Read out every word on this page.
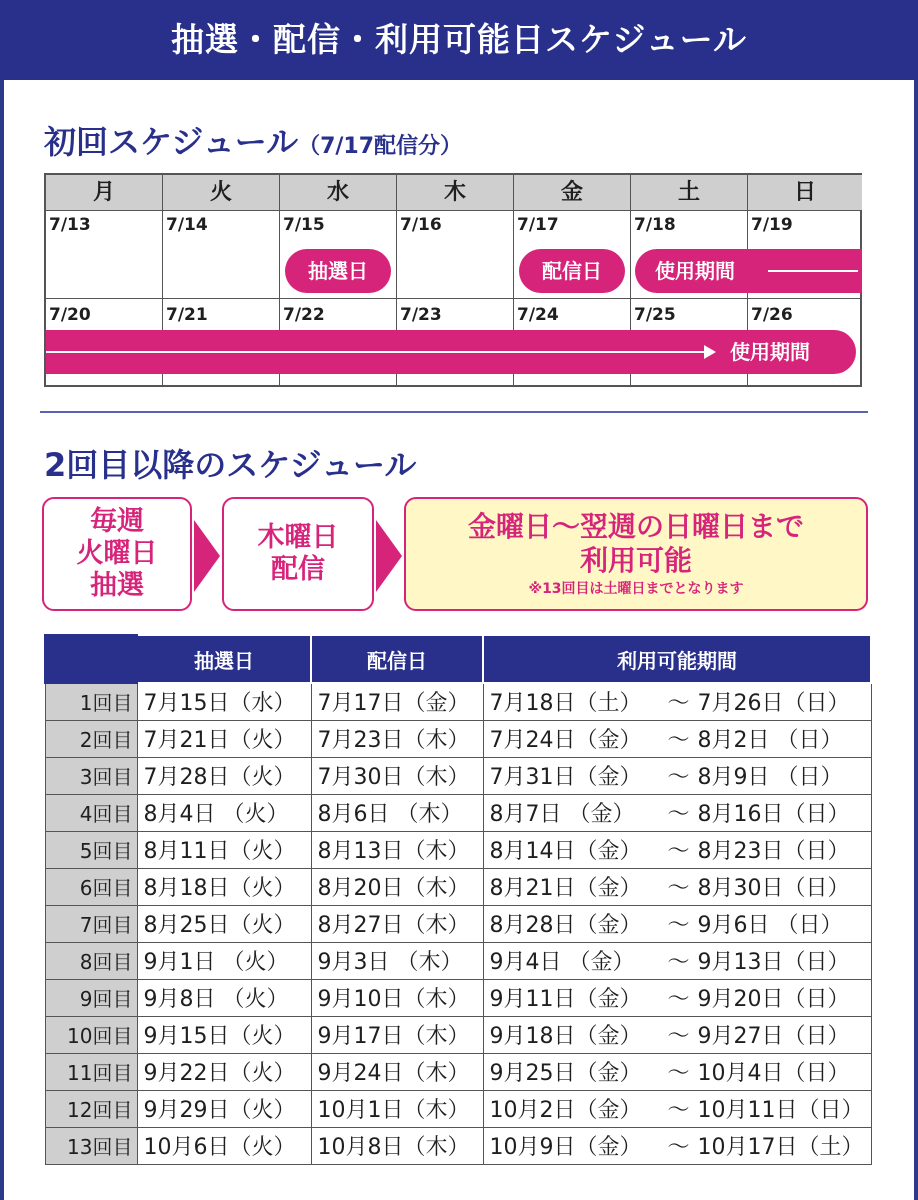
抽選・配信・利用可能日スケジュール
初回スケジュール（7/17配信分）
月	火	水	木	金	土	日
7/13	7/14	7/15	7/16	7/17	7/18	7/19
7/20	7/21	7/22	7/23	7/24	7/25	7/26
抽選日	配信日	使用期間
使用期間
2回目以降のスケジュール
毎週
火曜日
抽選
木曜日
配信
金曜日〜翌週の日曜日まで
利用可能
※13回目は土曜日までとなります
	抽選日	配信日	利用可能期間
1回目	7月15日（水）	7月17日（金）	7月18日（土） 〜 7月26日（日）
2回目	7月21日（火）	7月23日（木）	7月24日（金） 〜 8月2日 （日）
3回目	7月28日（火）	7月30日（木）	7月31日（金） 〜 8月9日 （日）
4回目	8月4日 （火）	8月6日 （木）	8月7日 （金） 〜 8月16日（日）
5回目	8月11日（火）	8月13日（木）	8月14日（金） 〜 8月23日（日）
6回目	8月18日（火）	8月20日（木）	8月21日（金） 〜 8月30日（日）
7回目	8月25日（火）	8月27日（木）	8月28日（金） 〜 9月6日 （日）
8回目	9月1日 （火）	9月3日 （木）	9月4日 （金） 〜 9月13日（日）
9回目	9月8日 （火）	9月10日（木）	9月11日（金） 〜 9月20日（日）
10回目	9月15日（火）	9月17日（木）	9月18日（金） 〜 9月27日（日）
11回目	9月22日（火）	9月24日（木）	9月25日（金） 〜 10月4日（日）
12回目	9月29日（火）	10月1日（木）	10月2日（金） 〜 10月11日（日）
13回目	10月6日（火）	10月8日（木）	10月9日（金） 〜 10月17日（土）
